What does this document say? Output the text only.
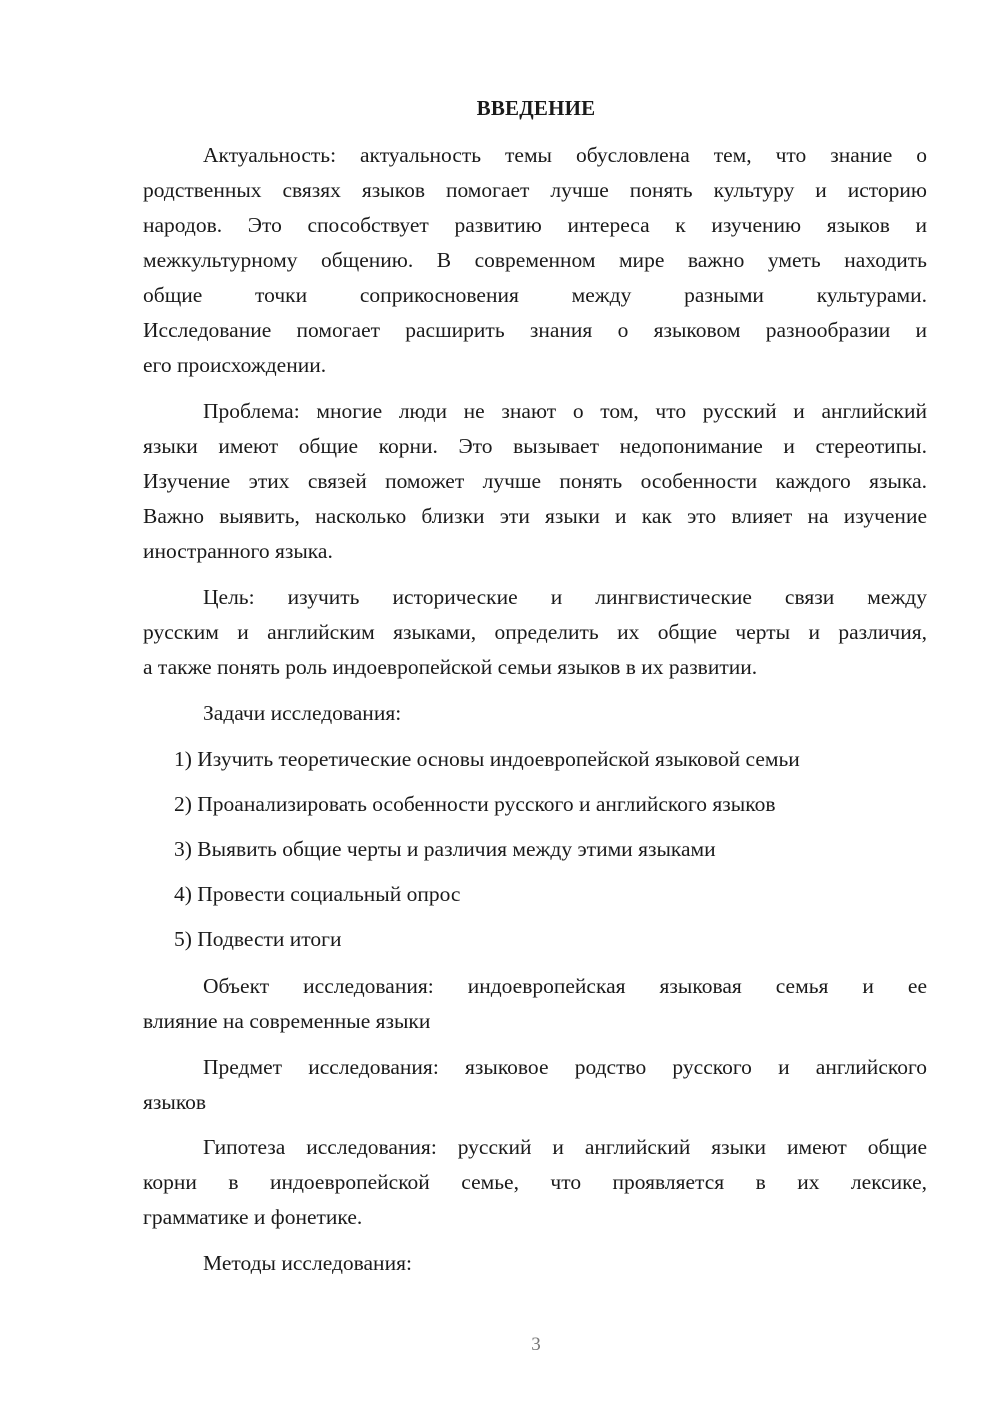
ВВЕДЕНИЕ
Актуальность: актуальность темы обусловлена тем, что знание о
родственных связях языков помогает лучше понять культуру и историю
народов. Это способствует развитию интереса к изучению языков и
межкультурному общению. В современном мире важно уметь находить
общие точки соприкосновения между разными культурами.
Исследование помогает расширить знания о языковом разнообразии и
его происхождении.
Проблема: многие люди не знают о том, что русский и английский
языки имеют общие корни. Это вызывает недопонимание и стереотипы.
Изучение этих связей поможет лучше понять особенности каждого языка.
Важно выявить, насколько близки эти языки и как это влияет на изучение
иностранного языка.
Цель: изучить исторические и лингвистические связи между
русским и английским языками, определить их общие черты и различия,
а также понять роль индоевропейской семьи языков в их развитии.
Задачи исследования:
1) Изучить теоретические основы индоевропейской языковой семьи
2) Проанализировать особенности русского и английского языков
3) Выявить общие черты и различия между этими языками
4) Провести социальный опрос
5) Подвести итоги
Объект исследования: индоевропейская языковая семья и ее
влияние на современные языки
Предмет исследования: языковое родство русского и английского
языков
Гипотеза исследования: русский и английский языки имеют общие
корни в индоевропейской семье, что проявляется в их лексике,
грамматике и фонетике.
Методы исследования:
3
